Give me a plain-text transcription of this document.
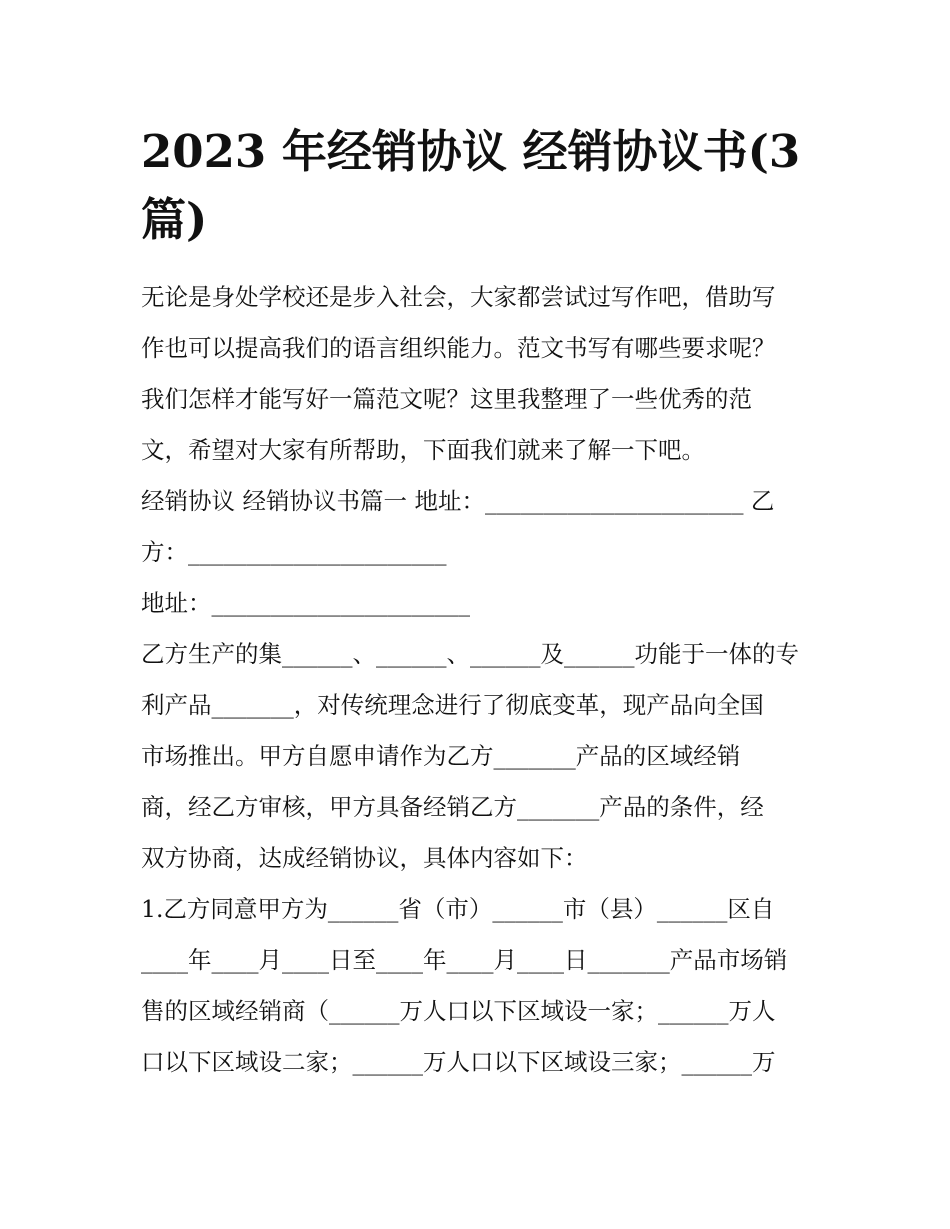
2023 年经销协议 经销协议书(3
篇)
无论是身处学校还是步入社会，大家都尝试过写作吧，借助写
作也可以提高我们的语言组织能力。范文书写有哪些要求呢？
我们怎样才能写好一篇范文呢？这里我整理了一些优秀的范
文，希望对大家有所帮助，下面我们就来了解一下吧。
经销协议 经销协议书篇一 地址：______________________ 乙
方：______________________
地址：______________________
乙方生产的集______、______、______及______功能于一体的专
利产品_______，对传统理念进行了彻底变革，现产品向全国
市场推出。甲方自愿申请作为乙方_______产品的区域经销
商，经乙方审核，甲方具备经销乙方_______产品的条件，经
双方协商，达成经销协议，具体内容如下：
1.乙方同意甲方为______省（市）______市（县）______区自
____年____月____日至____年____月____日_______产品市场销
售的区域经销商（______万人口以下区域设一家；______万人
口以下区域设二家；______万人口以下区域设三家；______万
